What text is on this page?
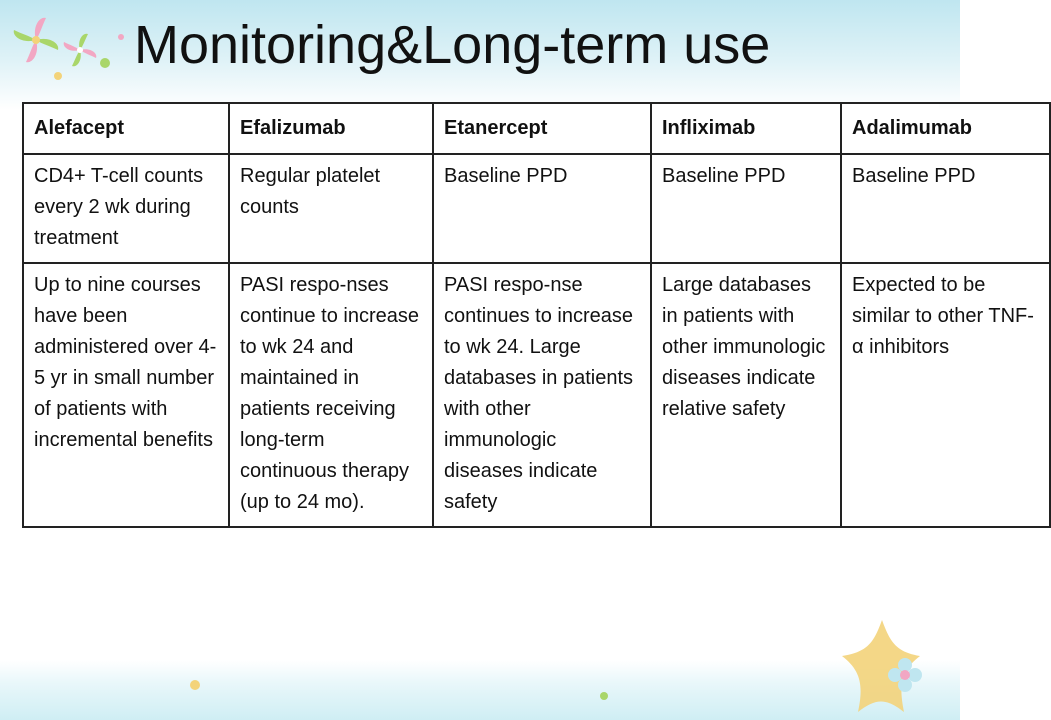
Monitoring&Long-term use
Alefacept	Efalizumab	Etanercept	Infliximab	Adalimumab
CD4+ T-cell counts every 2 wk during treatment	Regular platelet counts	Baseline PPD	Baseline PPD	Baseline PPD
Up to nine courses have been administered over 4-5 yr in small number of patients with incremental benefits	PASI respo-nses continue to increase to wk 24 and maintained in patients receiving long-term continuous therapy (up to 24 mo).	PASI respo-nse continues to increase to wk 24. Large databases in patients with other immunologic diseases indicate safety	Large databases in patients with other immunologic diseases indicate relative safety	Expected to be similar to other TNF-α inhibitors
